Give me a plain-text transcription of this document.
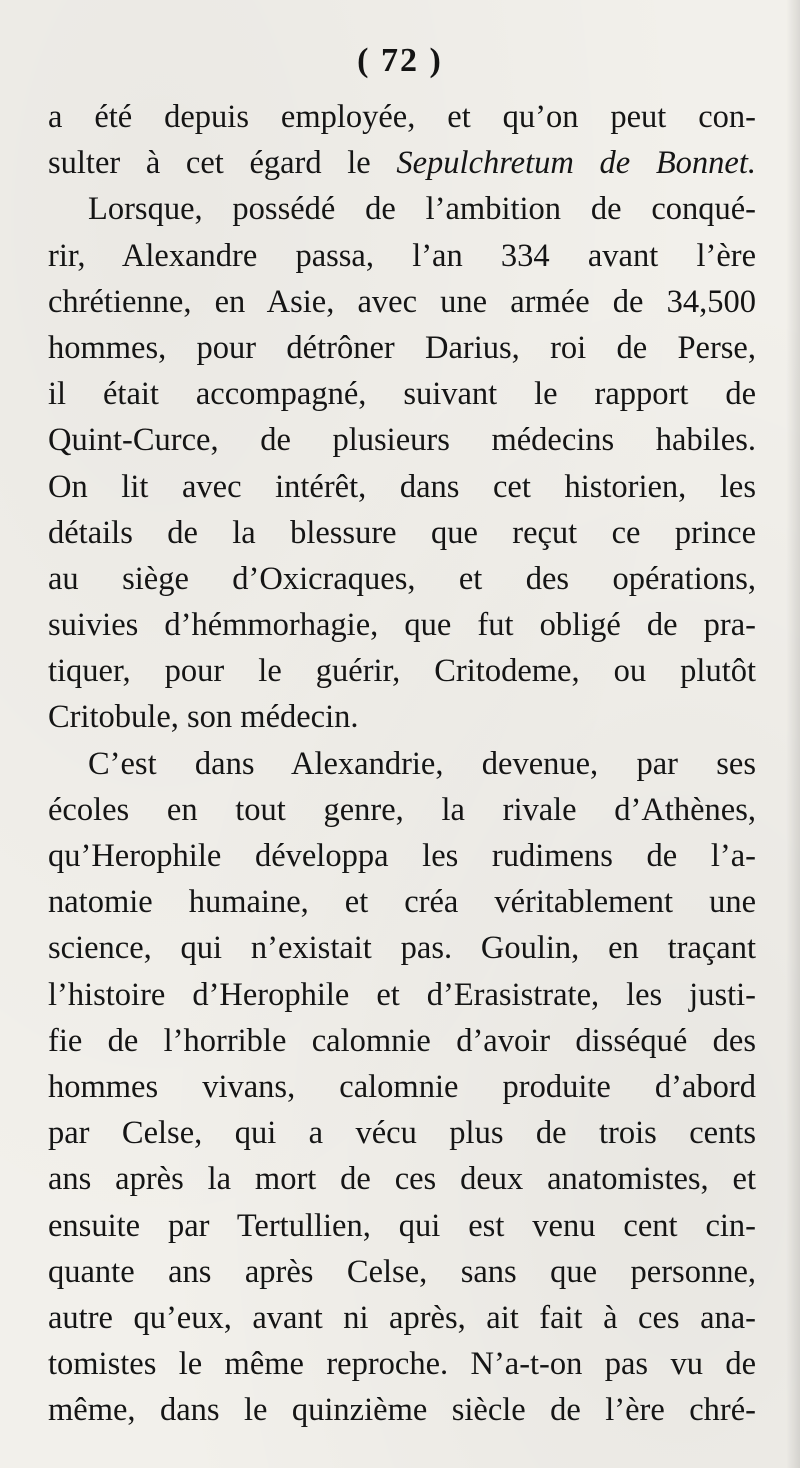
( 72 )
a été depuis employée, et qu’on peut con-
sulter à cet égard le Sepulchretum de Bonnet.
Lorsque, possédé de l’ambition de conqué-
rir, Alexandre passa, l’an 334 avant l’ère
chrétienne, en Asie, avec une armée de 34,500
hommes, pour détrôner Darius, roi de Perse,
il était accompagné, suivant le rapport de
Quint-Curce, de plusieurs médecins habiles.
On lit avec intérêt, dans cet historien, les
détails de la blessure que reçut ce prince
au siège d’Oxicraques, et des opérations,
suivies d’hémmorhagie, que fut obligé de pra-
tiquer, pour le guérir, Critodeme, ou plutôt
Critobule, son médecin.
C’est dans Alexandrie, devenue, par ses
écoles en tout genre, la rivale d’Athènes,
qu’Herophile développa les rudimens de l’a-
natomie humaine, et créa véritablement une
science, qui n’existait pas. Goulin, en traçant
l’histoire d’Herophile et d’Erasistrate, les justi-
fie de l’horrible calomnie d’avoir disséqué des
hommes vivans, calomnie produite d’abord
par Celse, qui a vécu plus de trois cents
ans après la mort de ces deux anatomistes, et
ensuite par Tertullien, qui est venu cent cin-
quante ans après Celse, sans que personne,
autre qu’eux, avant ni après, ait fait à ces ana-
tomistes le même reproche. N’a-t-on pas vu de
même, dans le quinzième siècle de l’ère chré-
